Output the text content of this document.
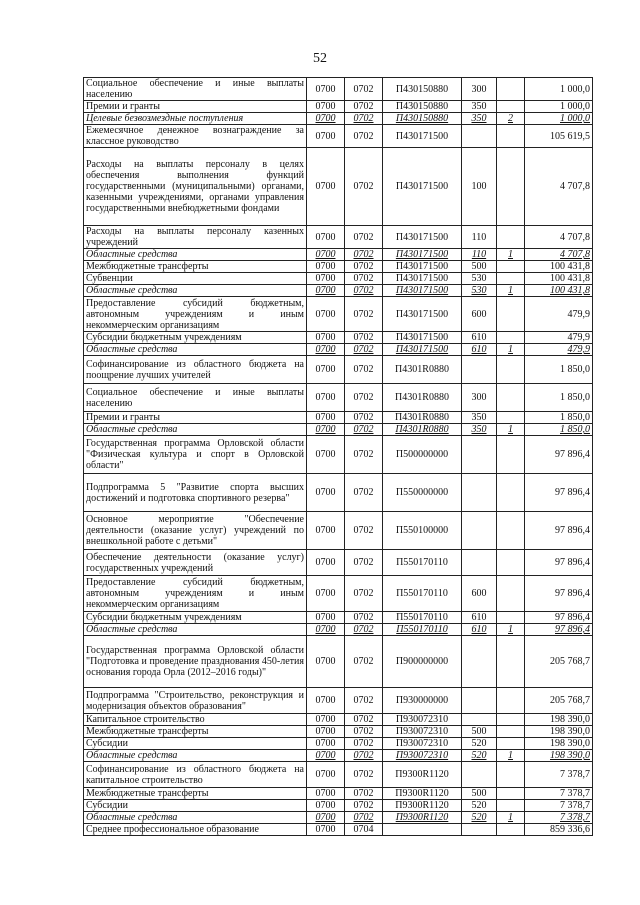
52
Социальное обеспечение и иные выплаты населению	0700	0702	П430150880	300		1 000,0
Премии и гранты	0700	0702	П430150880	350		1 000,0
Целевые безвозмездные поступления	0700	0702	П430150880	350	2	1 000,0
Ежемесячное денежное вознаграждение за классное руководство	0700	0702	П430171500			105 619,5
Расходы на выплаты персоналу в целях обеспечения выполнения функций государственными (муниципальными) органами, казенными учреждениями, органами управления государственными внебюджетными фондами	0700	0702	П430171500	100		4 707,8
Расходы на выплаты персоналу казенных учреждений	0700	0702	П430171500	110		4 707,8
Областные средства	0700	0702	П430171500	110	1	4 707,8
Межбюджетные трансферты	0700	0702	П430171500	500		100 431,8
Субвенции	0700	0702	П430171500	530		100 431,8
Областные средства	0700	0702	П430171500	530	1	100 431,8
Предоставление субсидий бюджетным, автономным учреждениям и иным некоммерческим организациям	0700	0702	П430171500	600		479,9
Субсидии бюджетным учреждениям	0700	0702	П430171500	610		479,9
Областные средства	0700	0702	П430171500	610	1	479,9
Софинансирование из областного бюджета на поощрение лучших учителей	0700	0702	П4301R0880			1 850,0
Социальное обеспечение и иные выплаты населению	0700	0702	П4301R0880	300		1 850,0
Премии и гранты	0700	0702	П4301R0880	350		1 850,0
Областные средства	0700	0702	П4301R0880	350	1	1 850,0
Государственная программа Орловской области "Физическая культура и спорт в Орловской области"	0700	0702	П500000000			97 896,4
Подпрограмма 5 "Развитие спорта высших достижений и подготовка спортивного резерва"	0700	0702	П550000000			97 896,4
Основное мероприятие "Обеспечение деятельности (оказание услуг) учреждений по внешкольной работе с детьми"	0700	0702	П550100000			97 896,4
Обеспечение деятельности (оказание услуг) государственных учреждений	0700	0702	П550170110			97 896,4
Предоставление субсидий бюджетным, автономным учреждениям и иным некоммерческим организациям	0700	0702	П550170110	600		97 896,4
Субсидии бюджетным учреждениям	0700	0702	П550170110	610		97 896,4
Областные средства	0700	0702	П550170110	610	1	97 896,4
Государственная программа Орловской области "Подготовка и проведение празднования 450-летия основания города Орла (2012–2016 годы)"	0700	0702	П900000000			205 768,7
Подпрограмма "Строительство, реконструкция и модернизация объектов образования"	0700	0702	П930000000			205 768,7
Капитальное строительство	0700	0702	П930072310			198 390,0
Межбюджетные трансферты	0700	0702	П930072310	500		198 390,0
Субсидии	0700	0702	П930072310	520		198 390,0
Областные средства	0700	0702	П930072310	520	1	198 390,0
Софинансирование из областного бюджета на капитальное строительство	0700	0702	П9300R1120			7 378,7
Межбюджетные трансферты	0700	0702	П9300R1120	500		7 378,7
Субсидии	0700	0702	П9300R1120	520		7 378,7
Областные средства	0700	0702	П9300R1120	520	1	7 378,7
Среднее профессиональное образование	0700	0704				859 336,6
